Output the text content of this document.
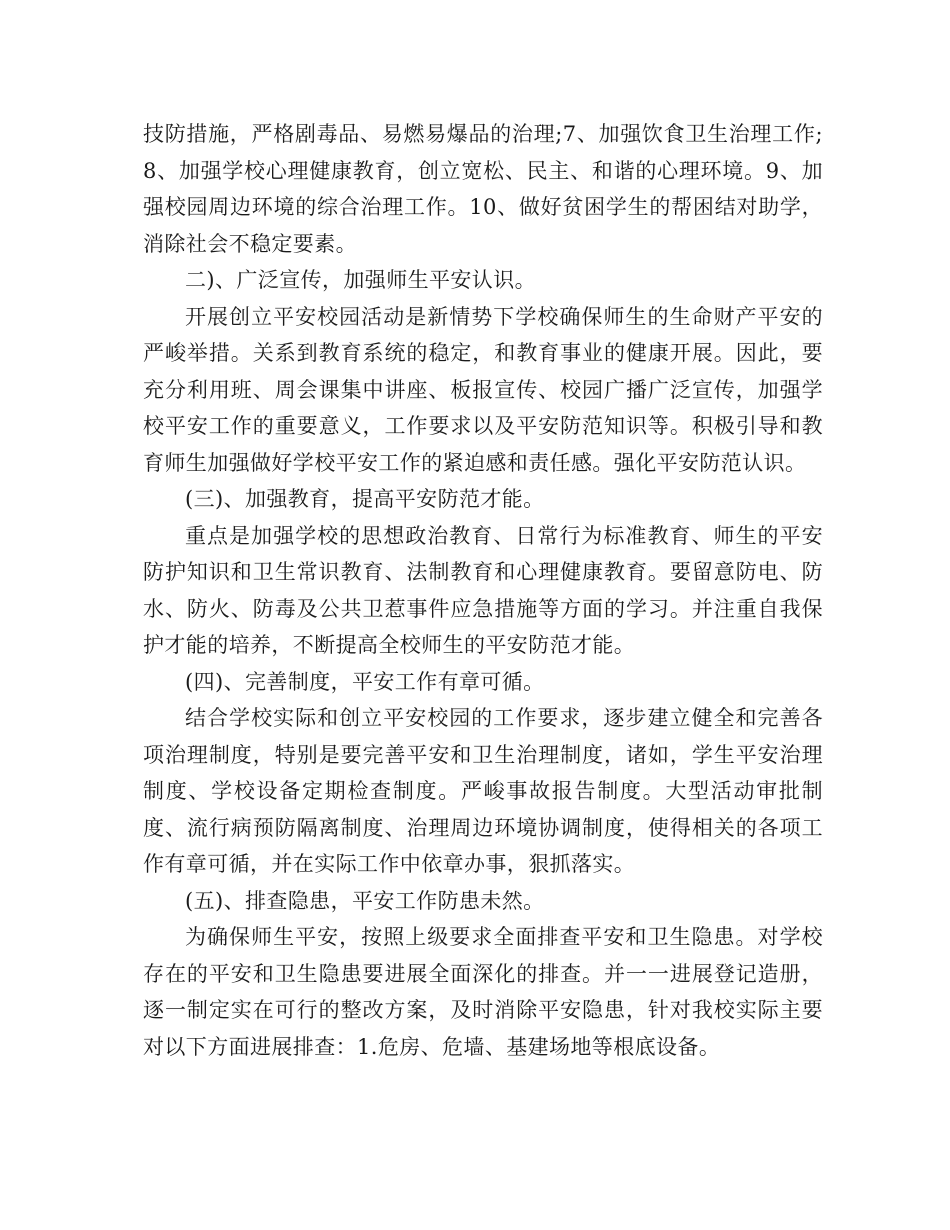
技防措施，严格剧毒品、易燃易爆品的治理;7、加强饮食卫生治理工作;8、加强学校心理健康教育，创立宽松、民主、和谐的心理环境。9、加强校园周边环境的综合治理工作。10、做好贫困学生的帮困结对助学，消除社会不稳定要素。

二)、广泛宣传，加强师生平安认识。

开展创立平安校园活动是新情势下学校确保师生的生命财产平安的严峻举措。关系到教育系统的稳定，和教育事业的健康开展。因此，要充分利用班、周会课集中讲座、板报宣传、校园广播广泛宣传，加强学校平安工作的重要意义，工作要求以及平安防范知识等。积极引导和教育师生加强做好学校平安工作的紧迫感和责任感。强化平安防范认识。

(三)、加强教育，提高平安防范才能。

重点是加强学校的思想政治教育、日常行为标准教育、师生的平安防护知识和卫生常识教育、法制教育和心理健康教育。要留意防电、防水、防火、防毒及公共卫惹事件应急措施等方面的学习。并注重自我保护才能的培养，不断提高全校师生的平安防范才能。

(四)、完善制度，平安工作有章可循。

结合学校实际和创立平安校园的工作要求，逐步建立健全和完善各项治理制度，特别是要完善平安和卫生治理制度，诸如，学生平安治理制度、学校设备定期检查制度。严峻事故报告制度。大型活动审批制度、流行病预防隔离制度、治理周边环境协调制度，使得相关的各项工作有章可循，并在实际工作中依章办事，狠抓落实。

(五)、排查隐患，平安工作防患未然。

为确保师生平安，按照上级要求全面排查平安和卫生隐患。对学校存在的平安和卫生隐患要进展全面深化的排查。并一一进展登记造册，逐一制定实在可行的整改方案，及时消除平安隐患，针对我校实际主要对以下方面进展排查：1.危房、危墙、基建场地等根底设备。
